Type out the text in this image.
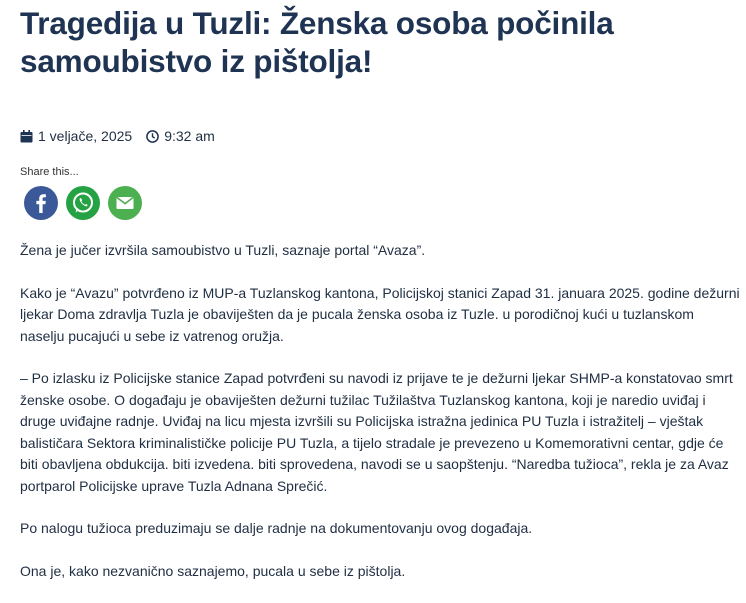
Tragedija u Tuzli: Ženska osoba počinila samoubistvo iz pištolja!
1 veljače, 2025 9:32 am
Share this...

Žena je jučer izvršila samoubistvo u Tuzli, saznaje portal “Avaza”.

Kako je “Avazu” potvrđeno iz MUP-a Tuzlanskog kantona, Policijskoj stanici Zapad 31. januara 2025. godine dežurni ljekar Doma zdravlja Tuzla je obaviješten da je pucala ženska osoba iz Tuzle. u porodičnoj kući u tuzlanskom naselju pucajući u sebe iz vatrenog oružja.

– Po izlasku iz Policijske stanice Zapad potvrđeni su navodi iz prijave te je dežurni ljekar SHMP-a konstatovao smrt ženske osobe. O događaju je obaviješten dežurni tužilac Tužilaštva Tuzlanskog kantona, koji je naredio uviđaj i druge uviđajne radnje. Uviđaj na licu mjesta izvršili su Policijska istražna jedinica PU Tuzla i istražitelj – vještak balističara Sektora kriminalističke policije PU Tuzla, a tijelo stradale je prevezeno u Komemorativni centar, gdje će biti obavljena obdukcija. biti izvedena. biti sprovedena, navodi se u saopštenju. “Naredba tužioca”, rekla je za Avaz portparol Policijske uprave Tuzla Adnana Sprečić.

Po nalogu tužioca preduzimaju se dalje radnje na dokumentovanju ovog događaja.

Ona je, kako nezvanično saznajemo, pucala u sebe iz pištolja.
